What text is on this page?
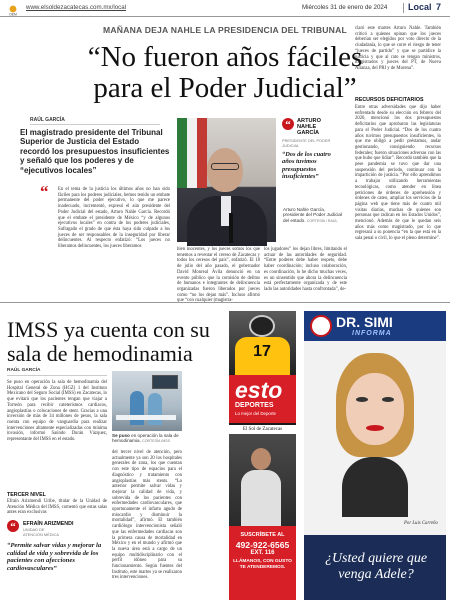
OEM
www.elsoldezacatecas.com.mx/local	Miércoles 31 de enero de 2024 Local 7
MAÑANA DEJA NAHLE LA PRESIDENCIA DEL TRIBUNAL
“No fueron años fáciles
para el Poder Judicial”
RAÚL GARCÍA
El magistrado presidente del Tribunal Superior de Justicia del Estado recordó los presupuestos insuficientes y señaló que los poderes y de “ejecutivos locales”
“ En el tema de la justicia los últimos años no han sido fáciles para los poderes judiciales, hemos tenido un embate permanente del poder ejecutivo, lo que me parece inadecuado, incrementó, expresó el aún presidente del Poder Judicial del estado, Arturo Nahle García. Recordó que el embate el presidente de México “y de algunos ejecutivos locales” en contra de los poderes judiciales, Sufragado el grado de que ésta haya sido culpado a los jueces de ser responsables de la inseguridad por liberar delincuentes. Al respecto enfatizó: “Los jueces no liberamos delincuentes, los jueces liberamos
Arturo Nahle García, presidente del Poder Judicial del estado. CORTESÍA / RAÚL
“	ARTURO
NAHLE
GARCÍA
PRESIDENTE DEL PODER JUDICIAL
“Dos de los cuatro años tuvimos presupuestos insuficientes”
bien inocentes, y los jueces somos los que tenemos a reventar el cereso de Zacatecas y todos los ceresos del país”, enfatizó. El 18 de julio del año pasado, el gobernador David Monreal Ávila denunció en un evento público que la comisión de delitos de humanos e integrantes de delincuencia organizadas fueron liberados por jueces como “no los dejan más”. Incluso afirmó que “con cualquier (magistra-
los jugadores” los dejan libres, limitando el actuar de las autoridades de seguridad. “Entre poderes debe haber respeto, debe haber coordinación; incluso colaboración, es coordinación, lo he dicho muchas veces, es un sinsentido que ahora la delincuencia está perfectamente organizada y de este lado las autoridades hasta confrontada”, de-
claró este martes Arturo Nahle. También criticó a quienes opinan que los jueces deberían ser elegidos por voto directo de la ciudadanía, lo que se corre el riesgo de tener “jueces de partido” y que se partidice la justicia y que al rato se tengan ministros, magistrados y jueces del PT, de Nueva Alianza, del PRI y de Morena”.
RECURSOS DEFICITARIOS
Entre otras adversidades que dijo haber enfrentado desde su elección en febrero del 2020, mencionó los dos presupuestos deficitarios que aprobaron las legislaturas para el Poder Judicial. “Dos de los cuatro años tuvimos presupuestos insuficientes, lo que me obligó a pedir préstamos, andar gestionando, consiguiendo recursos federales; fueron situaciones adversas con las que hubo que lidiar”. Recordó también que la pese pandemia se tuvo que dar una suspensión del período, continuar con la impartición de justicia. “Por ello aprendimos a trabajar utilizando herramientas tecnológicas, como atender en línea peticiones de órdenes de aprehensión y órdenes de cateo, ampliar los servicios de la página web que tiene más de cuatro mil visitas diarias, muchas de quienes son personas que radican en los Estados Unidos”, mencionó. Además de que le quedan seis años más como magistrado, por lo que regresará a su ponencia “en la que está en la sala penal o civil, lo que el pleno determine”.
IMSS ya cuenta con su
sala de hemodinamia
RAÚL GARCÍA
Se puso en operación la sala de hemodinamia del Hospital General de Zona (HGZ) 1 del Instituto Mexicano del Seguro Social (IMSS) en Zacatecas, lo que evitará que los pacientes tengan que viajar a Torreón para recibir cateterismos cardiacos, angioplastías o colocaciones de stent. Gracias a una inversión de más de 34 millones de pesos, la sala cuenta con equipo de vanguardia para realizar intervenciones altamente especializadas con mínima invasión, informó Saúndo Durán Vázquez, representante del IMSS en el estado.
TERCER NIVEL
Efraín Arizmendi Uribe, titular de la Unidad de Atención Médica del IMSS, comentó que estas salas antes eran exclusivas
“	EFRAÍN ARIZMENDI
UNIDAD DE
ATENCIÓN MÉDICA
“Permite salvar vidas y mejorar la calidad de vida y sobrevida de los pacientes con afecciones cardiovasculares”
Se puso en operación la sala de hemodinamia. CORTESÍA IMSS
del tercer nivel de atención, pero actualmente ya son 20 los hospitales generales de zona, los que cuentan con este tipo de espacios para el diagnóstico y tratamiento con angioplastías más stents. “Lo anterior permite salvar vidas y mejorar la calidad de vida, y sobrevida de los pacientes con enfermedades cardiovasculares, que oportunamente el infarto agudo de miocardio y disminuir la mortalidad”, afirmó. El también cardiólogo intervencionista señaló que las enfermedades cardiacas son la primera causa de mortalidad en México y en el mundo y afirmó que la nueva área está a cargo de un equipo multidisciplinario con el perfil idóneo para su funcionamiento. Según fuentes del Instituto, este martes ya se realizaron tres intervenciones.
17
esto
DEPORTES
Lo mejor del Deporte
El Sol de Zacatecas
SUSCRÍBETE AL
492-922-6565
EXT. 116
LLÁMANOS, CON GUSTO TE ATENDEREMOS.
DR. SIMI
INFORMA
Por Luis Carreño
¿Usted quiere que venga Adele?
